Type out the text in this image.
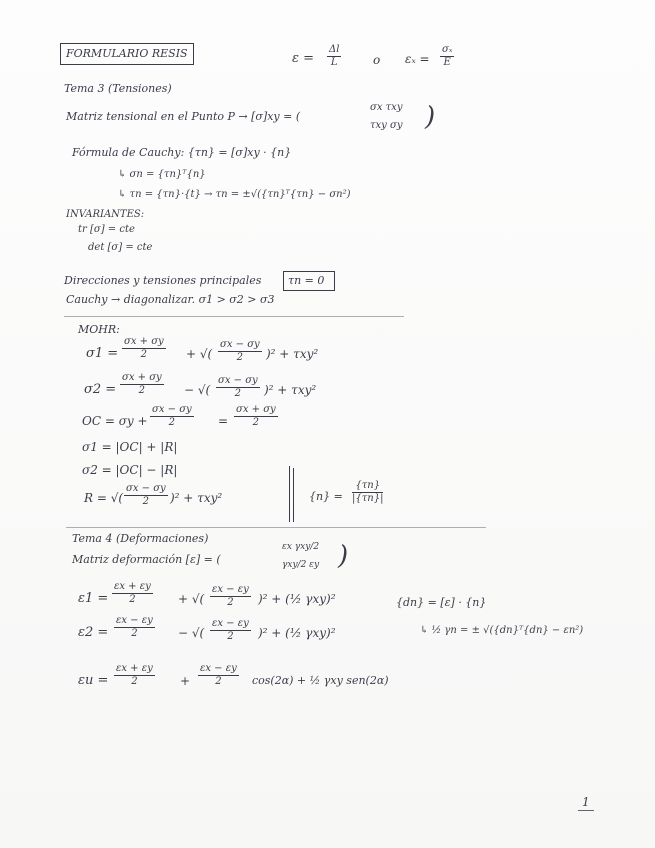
FORMULARIO RESIS	$\varepsilon = \frac{\Delta l}{L}$	o $\varepsilon_x = \frac{\text{σₓ}}{E}$
Tema 3 (Tensiones)
Matriz tensional en el Punto P → [σ]xy = (
σx τxy
τxy σy )
Fórmula de Cauchy: {τn} = [σ]xy · {n}
↳ σn = {τn}ᵀ{n}
↳ τn = {τn}·{t} → τn = ±√({τn}ᵀ{τn} − σn²)
INVARIANTES:
tr [σ] = cte
det [σ] = cte
Direcciones y tensiones principales τn = 0
Cauchy → diagonalizar. σ1 > σ2 > σ3
MOHR:
$\sigma 1 = \frac{\sigma x + \sigma y}{2}$ + √( $\frac{\sigma x - \sigma y}{2} )^2 + \tau xy^2$
$\sigma 2 = \frac{\sigma x + \sigma y}{2}$ − √( $\frac{\sigma x - \sigma y}{2} )^2 + \tau xy^2$
OC = $\sigma y + \frac{\sigma x - \sigma y}{2} = \frac{\sigma x + \sigma y}{2}$
σ1 = |OC| + |R|
σ2 = |OC| − |R|
R = √( $\frac{\sigma x - \sigma y}{2} )^2 + \tau xy^2$	$\{n\} = \frac{\{\tau n\}}{|\{\tau n\}|}$
Tema 4 (Deformaciones)
Matriz deformación [ε] = (
εx γxy/2
γxy/2 εy )
$\varepsilon 1 = \frac{\varepsilon x + \varepsilon y}{2}$ + √( $\frac{\varepsilon x - \varepsilon y}{2} )^2$ + (½ γxy)²
$\varepsilon 2 = \frac{\varepsilon x - \varepsilon y}{2}$ − √( $\frac{\varepsilon x - \varepsilon y}{2} )^2$ + (½ γxy)²
{dn} = [ε] · {n}
↳ ½ γn = ± √({dn}ᵀ{dn} − εn²)
$\varepsilon u = \frac{\varepsilon x + \varepsilon y}{2} + \frac{\varepsilon x - \varepsilon y}{2} \cos(2\alpha)$ + ½ γxy sen(2α)
1
